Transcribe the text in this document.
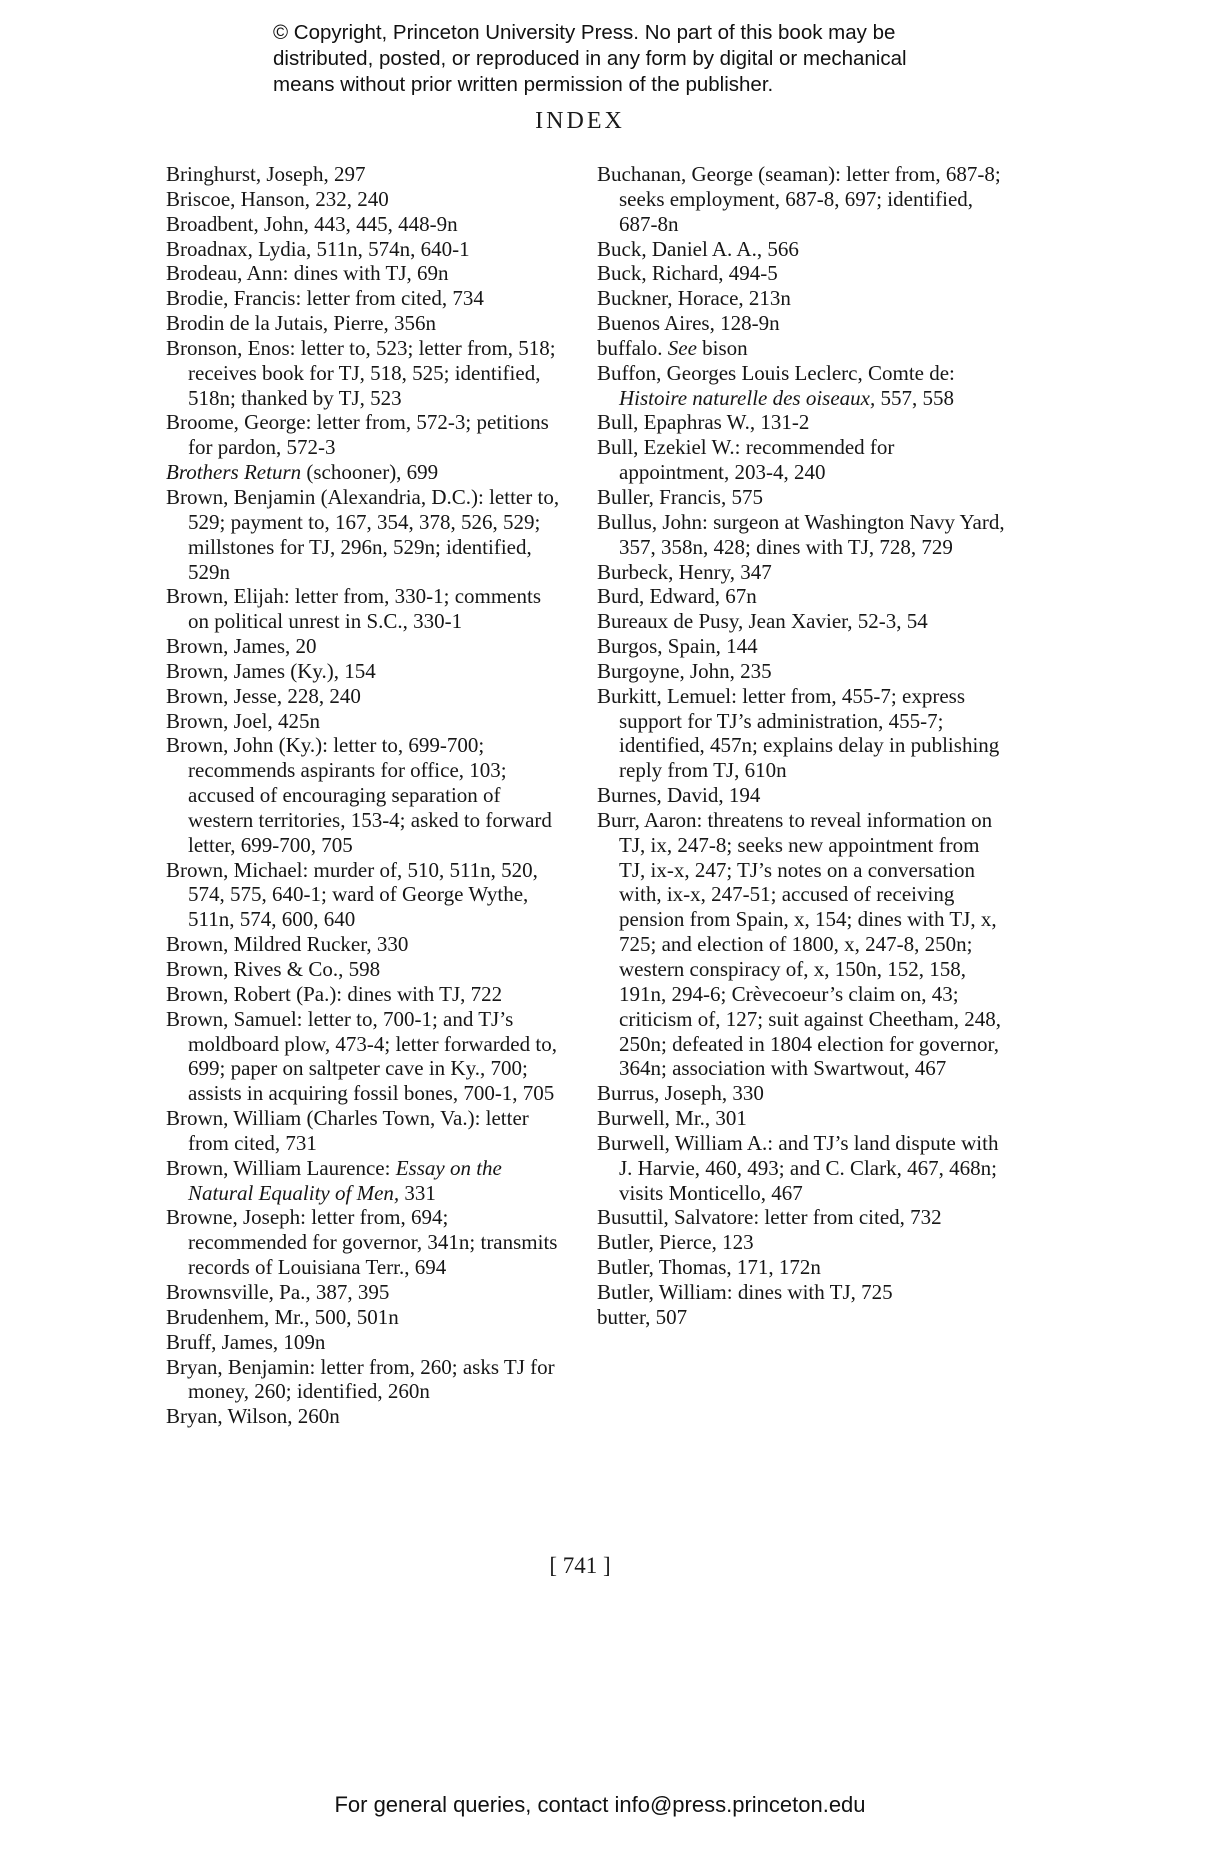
© Copyright, Princeton University Press. No part of this book may be
distributed, posted, or reproduced in any form by digital or mechanical
means without prior written permission of the publisher.
INDEX
Bringhurst, Joseph, 297
Briscoe, Hanson, 232, 240
Broadbent, John, 443, 445, 448-9n
Broadnax, Lydia, 511n, 574n, 640-1
Brodeau, Ann: dines with TJ, 69n
Brodie, Francis: letter from cited, 734
Brodin de la Jutais, Pierre, 356n
Bronson, Enos: letter to, 523; letter from, 518; receives book for TJ, 518, 525; identified, 518n; thanked by TJ, 523
Broome, George: letter from, 572-3; petitions for pardon, 572-3
Brothers Return (schooner), 699
Brown, Benjamin (Alexandria, D.C.): letter to, 529; payment to, 167, 354, 378, 526, 529; millstones for TJ, 296n, 529n; identified, 529n
Brown, Elijah: letter from, 330-1; comments on political unrest in S.C., 330-1
Brown, James, 20
Brown, James (Ky.), 154
Brown, Jesse, 228, 240
Brown, Joel, 425n
Brown, John (Ky.): letter to, 699-700; recommends aspirants for office, 103; accused of encouraging separation of western territories, 153-4; asked to forward letter, 699-700, 705
Brown, Michael: murder of, 510, 511n, 520, 574, 575, 640-1; ward of George Wythe, 511n, 574, 600, 640
Brown, Mildred Rucker, 330
Brown, Rives & Co., 598
Brown, Robert (Pa.): dines with TJ, 722
Brown, Samuel: letter to, 700-1; and TJ’s moldboard plow, 473-4; letter forwarded to, 699; paper on saltpeter cave in Ky., 700; assists in acquiring fossil bones, 700-1, 705
Brown, William (Charles Town, Va.): letter from cited, 731
Brown, William Laurence: Essay on the Natural Equality of Men, 331
Browne, Joseph: letter from, 694; recommended for governor, 341n; transmits records of Louisiana Terr., 694
Brownsville, Pa., 387, 395
Brudenhem, Mr., 500, 501n
Bruff, James, 109n
Bryan, Benjamin: letter from, 260; asks TJ for money, 260; identified, 260n
Bryan, Wilson, 260n
Buchanan, George (seaman): letter from, 687-8; seeks employment, 687-8, 697; identified, 687-8n
Buck, Daniel A. A., 566
Buck, Richard, 494-5
Buckner, Horace, 213n
Buenos Aires, 128-9n
buffalo. See bison
Buffon, Georges Louis Leclerc, Comte de: Histoire naturelle des oiseaux, 557, 558
Bull, Epaphras W., 131-2
Bull, Ezekiel W.: recommended for appointment, 203-4, 240
Buller, Francis, 575
Bullus, John: surgeon at Washington Navy Yard, 357, 358n, 428; dines with TJ, 728, 729
Burbeck, Henry, 347
Burd, Edward, 67n
Bureaux de Pusy, Jean Xavier, 52-3, 54
Burgos, Spain, 144
Burgoyne, John, 235
Burkitt, Lemuel: letter from, 455-7; express support for TJ’s administration, 455-7; identified, 457n; explains delay in publishing reply from TJ, 610n
Burnes, David, 194
Burr, Aaron: threatens to reveal information on TJ, ix, 247-8; seeks new appointment from TJ, ix-x, 247; TJ’s notes on a conversation with, ix-x, 247-51; accused of receiving pension from Spain, x, 154; dines with TJ, x, 725; and election of 1800, x, 247-8, 250n; western conspiracy of, x, 150n, 152, 158, 191n, 294-6; Crèvecoeur’s claim on, 43; criticism of, 127; suit against Cheetham, 248, 250n; defeated in 1804 election for governor, 364n; association with Swartwout, 467
Burrus, Joseph, 330
Burwell, Mr., 301
Burwell, William A.: and TJ’s land dispute with J. Harvie, 460, 493; and C. Clark, 467, 468n; visits Monticello, 467
Busuttil, Salvatore: letter from cited, 732
Butler, Pierce, 123
Butler, Thomas, 171, 172n
Butler, William: dines with TJ, 725
butter, 507
[ 741 ]
For general queries, contact info@press.princeton.edu
